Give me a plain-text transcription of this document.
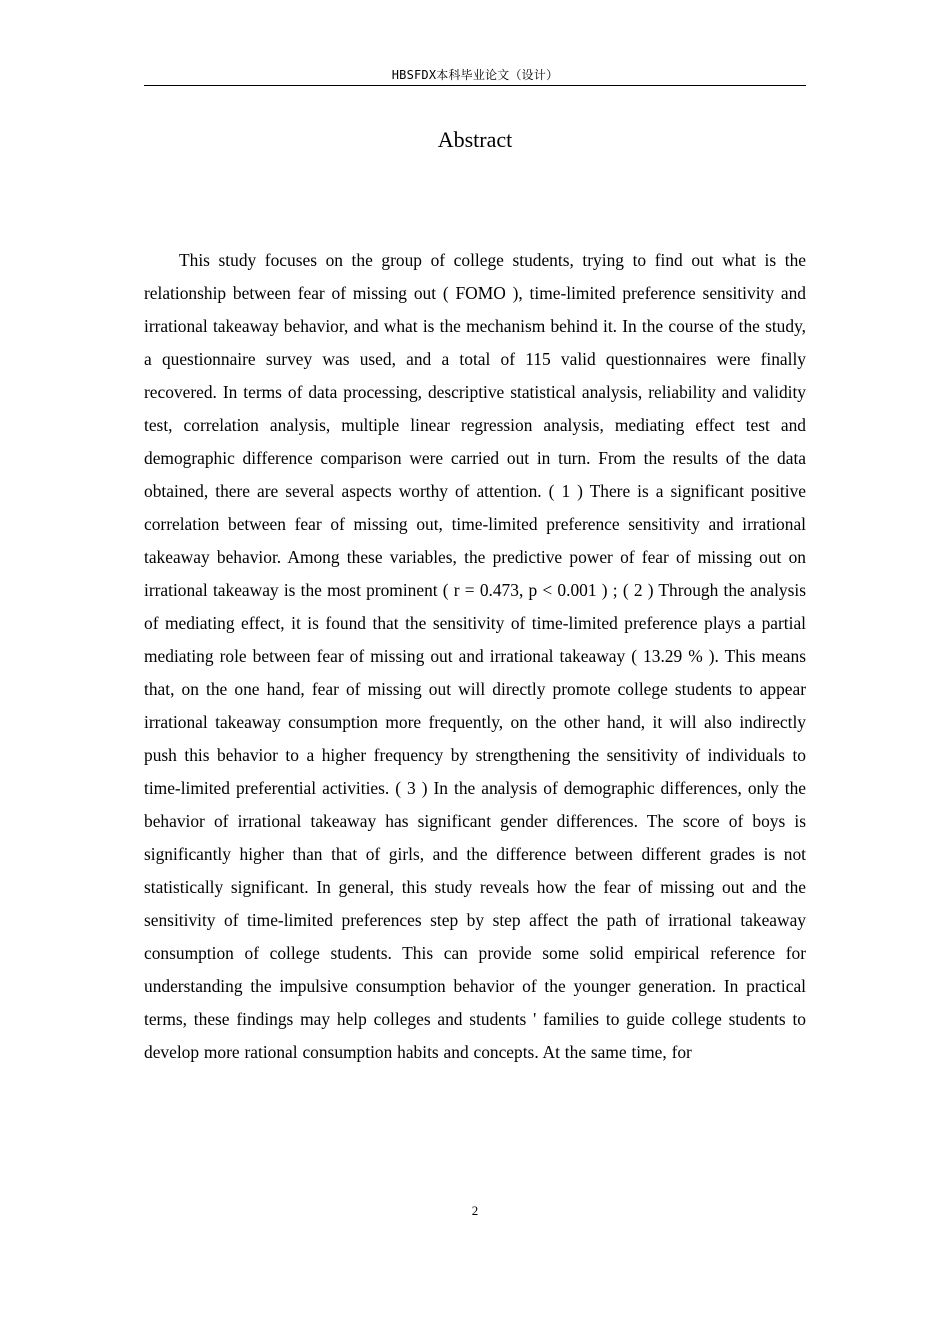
HBSFDX本科毕业论文（设计）
Abstract

This study focuses on the group of college students, trying to find out what is the relationship between fear of missing out ( FOMO ), time-limited preference sensitivity and irrational takeaway behavior, and what is the mechanism behind it. In the course of the study, a questionnaire survey was used, and a total of 115 valid questionnaires were finally recovered. In terms of data processing, descriptive statistical analysis, reliability and validity test, correlation analysis, multiple linear regression analysis, mediating effect test and demographic difference comparison were carried out in turn. From the results of the data obtained, there are several aspects worthy of attention. ( 1 ) There is a significant positive correlation between fear of missing out, time-limited preference sensitivity and irrational takeaway behavior. Among these variables, the predictive power of fear of missing out on irrational takeaway is the most prominent ( r = 0.473, p < 0.001 ) ; ( 2 ) Through the analysis of mediating effect, it is found that the sensitivity of time-limited preference plays a partial mediating role between fear of missing out and irrational takeaway ( 13.29 % ). This means that, on the one hand, fear of missing out will directly promote college students to appear irrational takeaway consumption more frequently, on the other hand, it will also indirectly push this behavior to a higher frequency by strengthening the sensitivity of individuals to time-limited preferential activities. ( 3 ) In the analysis of demographic differences, only the behavior of irrational takeaway has significant gender differences. The score of boys is significantly higher than that of girls, and the difference between different grades is not statistically significant. In general, this study reveals how the fear of missing out and the sensitivity of time-limited preferences step by step affect the path of irrational takeaway consumption of college students. This can provide some solid empirical reference for understanding the impulsive consumption behavior of the younger generation. In practical terms, these findings may help colleges and students ' families to guide college students to develop more rational consumption habits and concepts. At the same time, for

2
